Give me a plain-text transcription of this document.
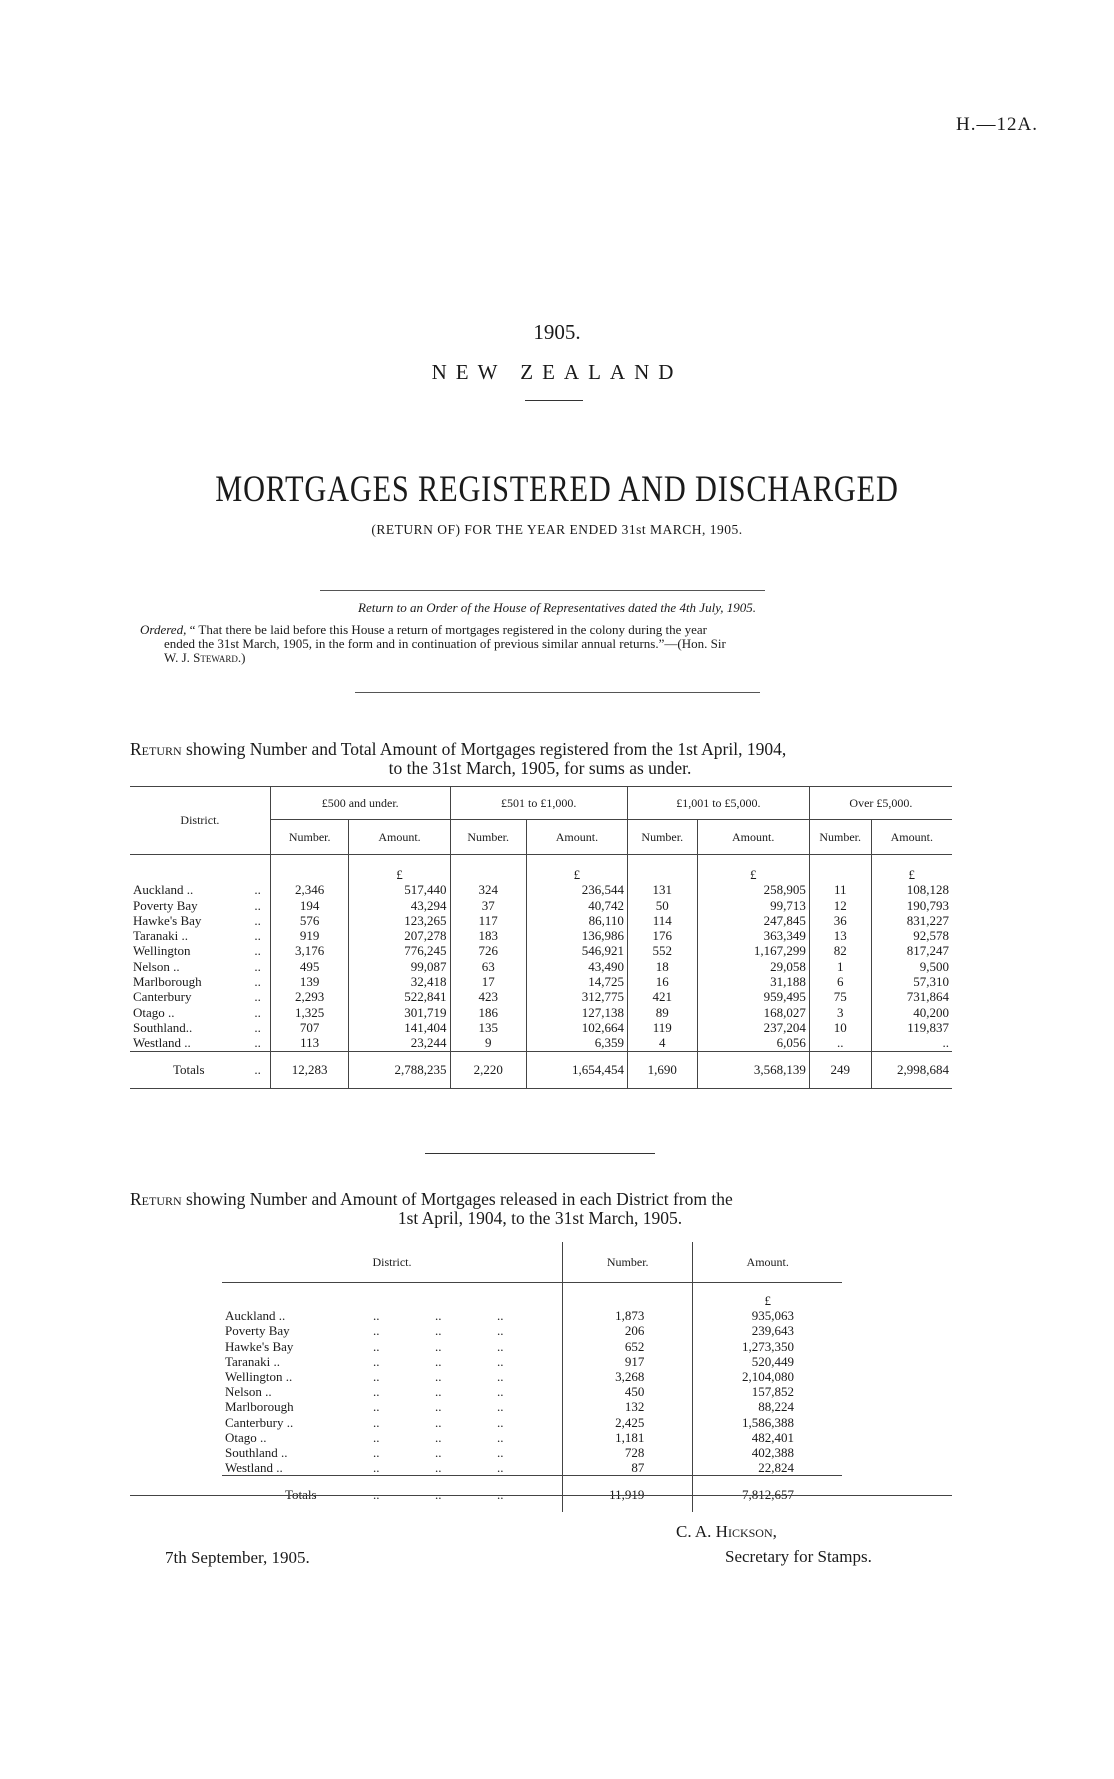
H.—12A.
1905.
NEW ZEALAND
MORTGAGES REGISTERED AND DISCHARGED
(RETURN OF) FOR THE YEAR ENDED 31st MARCH, 1905.
Return to an Order of the House of Representatives dated the 4th July, 1905.
Ordered, “ That there be laid before this House a return of mortgages registered in the colony during the year
ended the 31st March, 1905, in the form and in continuation of previous similar annual returns.”—(Hon. Sir
W. J. Steward.)
Return showing Number and Total Amount of Mortgages registered from the 1st April, 1904,
to the 31st March, 1905, for sums as under.
District.	£500 and under.		£501 to £1,000.		£1,001 to £5,000.		Over £5,000.	
	Number.	Amount.	Number.	Amount.	Number.	Amount.	Number.	Amount.
		£		£		£		£

Auckland .. ..	2,346	517,440	324	236,544	131	258,905	11	108,128

Poverty Bay ..	194	43,294	37	40,742	50	99,713	12	190,793

Hawke's Bay ..	576	123,265	117	86,110	114	247,845	36	831,227

Taranaki .. ..	919	207,278	183	136,986	176	363,349	13	92,578

Wellington ..	3,176	776,245	726	546,921	552	1,167,299	82	817,247

Nelson .. ..	495	99,087	63	43,490	18	29,058	1	9,500

Marlborough ..	139	32,418	17	14,725	16	31,188	6	57,310

Canterbury ..	2,293	522,841	423	312,775	421	959,495	75	731,864

Otago .. ..	1,325	301,719	186	127,138	89	168,027	3	40,200

Southland.. ..	707	141,404	135	102,664	119	237,204	10	119,837

Westland .. ..	113	23,244	9	6,359	4	6,056	..	..

Totals ..	12,283	2,788,235	2,220	1,654,454	1,690	3,568,139	249	2,998,684
Return showing Number and Amount of Mortgages released in each District from the
1st April, 1904, to the 31st March, 1905.
District.	Number.	Amount.
		£

Auckland .. .. .. ..	1,873	935,063

Poverty Bay .. .. ..	206	239,643

Hawke's Bay .. .. ..	652	1,273,350

Taranaki .. .. .. ..	917	520,449

Wellington .. .. .. ..	3,268	2,104,080

Nelson .. .. .. ..	450	157,852

Marlborough .. .. ..	132	88,224

Canterbury .. .. .. ..	2,425	1,586,388

Otago .. .. .. ..	1,181	482,401

Southland .. .. .. ..	728	402,388

Westland .. .. .. ..	87	22,824

Totals .. .. ..	11,919	7,812,657
7th September, 1905.
C. A. Hickson,
Secretary for Stamps.
